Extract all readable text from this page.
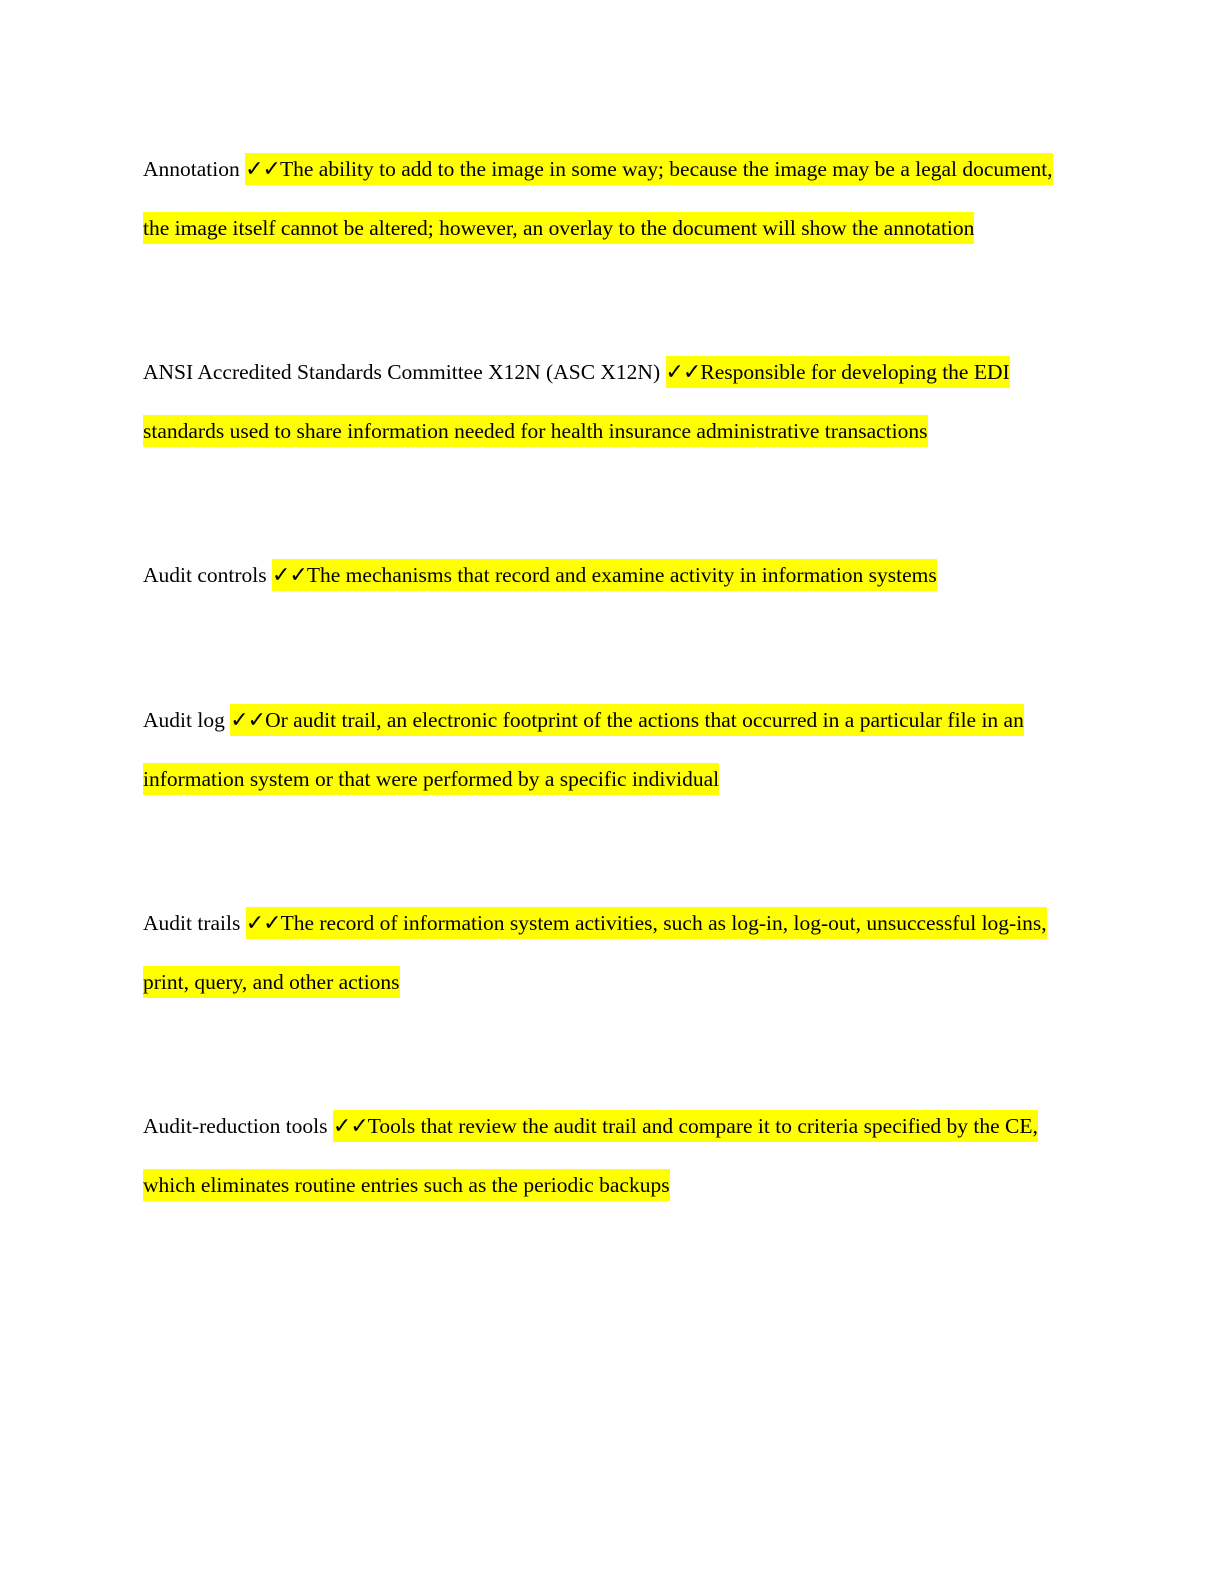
Annotation ✓✓The ability to add to the image in some way; because the image may be a legal document, the image itself cannot be altered; however, an overlay to the document will show the annotation

ANSI Accredited Standards Committee X12N (ASC X12N) ✓✓Responsible for developing the EDI standards used to share information needed for health insurance administrative transactions

Audit controls ✓✓The mechanisms that record and examine activity in information systems

Audit log ✓✓Or audit trail, an electronic footprint of the actions that occurred in a particular file in an information system or that were performed by a specific individual

Audit trails ✓✓The record of information system activities, such as log-in, log-out, unsuccessful log-ins, print, query, and other actions

Audit-reduction tools ✓✓Tools that review the audit trail and compare it to criteria specified by the CE, which eliminates routine entries such as the periodic backups
